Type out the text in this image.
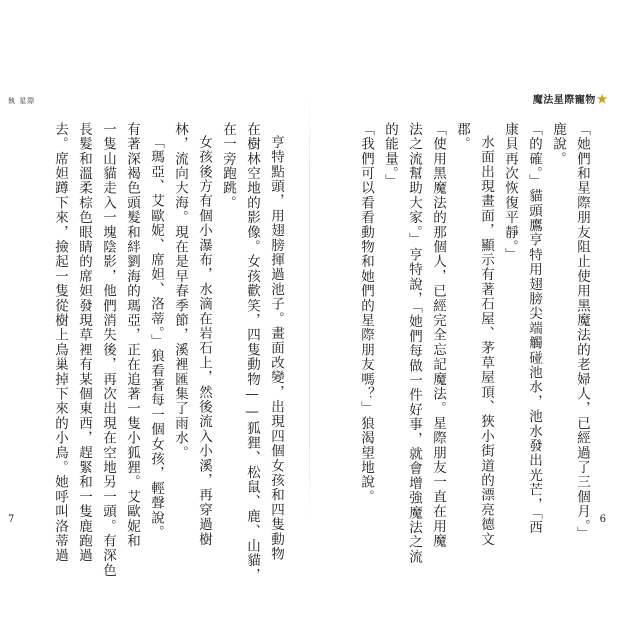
執 星際
亨特點頭，用翅膀揮過池子。畫面改變，出現四個女孩和四隻動物
在樹林空地的影像。女孩歡笑，四隻動物——狐狸、松鼠、鹿、山貓，
在一旁跑跳。
女孩後方有個小瀑布，水滴在岩石上，然後流入小溪，再穿過樹
林，流向大海。現在是早春季節，溪裡匯集了雨水。
「瑪亞、艾歐妮、席妲、洛蒂。」狼看著每一個女孩，輕聲說。
有著深褐色頭髮和絆劉海的瑪亞，正在追著一隻小狐狸。艾歐妮和
一隻山貓走入一塊陰影，他們消失後，再次出現在空地另一頭。有深色
長髮和溫柔棕色眼睛的席妲發現草裡有某個東西，趕緊和一隻鹿跑過
去。席妲蹲下來，撿起一隻從樹上鳥巢掉下來的小鳥。她呼叫洛蒂過
7
魔法星際寵物★
「她們和星際朋友阻止使用黑魔法的老婦人，已經過了三個月。」
鹿說。
「的確。」貓頭鷹亨特用翅膀尖端觸碰池水，池水發出光芒，「西
康貝再次恢復平靜。」
水面出現畫面，顯示有著石屋、茅草屋頂、狹小街道的漂亮德文
郡。
「使用黑魔法的那個人，已經完全忘記魔法。星際朋友一直在用魔
法之流幫助大家。」亨特說，「她們每做一件好事，就會增強魔法之流
的能量。」
「我們可以看看動物和她們的星際朋友嗎？」狼渴望地說。
6
